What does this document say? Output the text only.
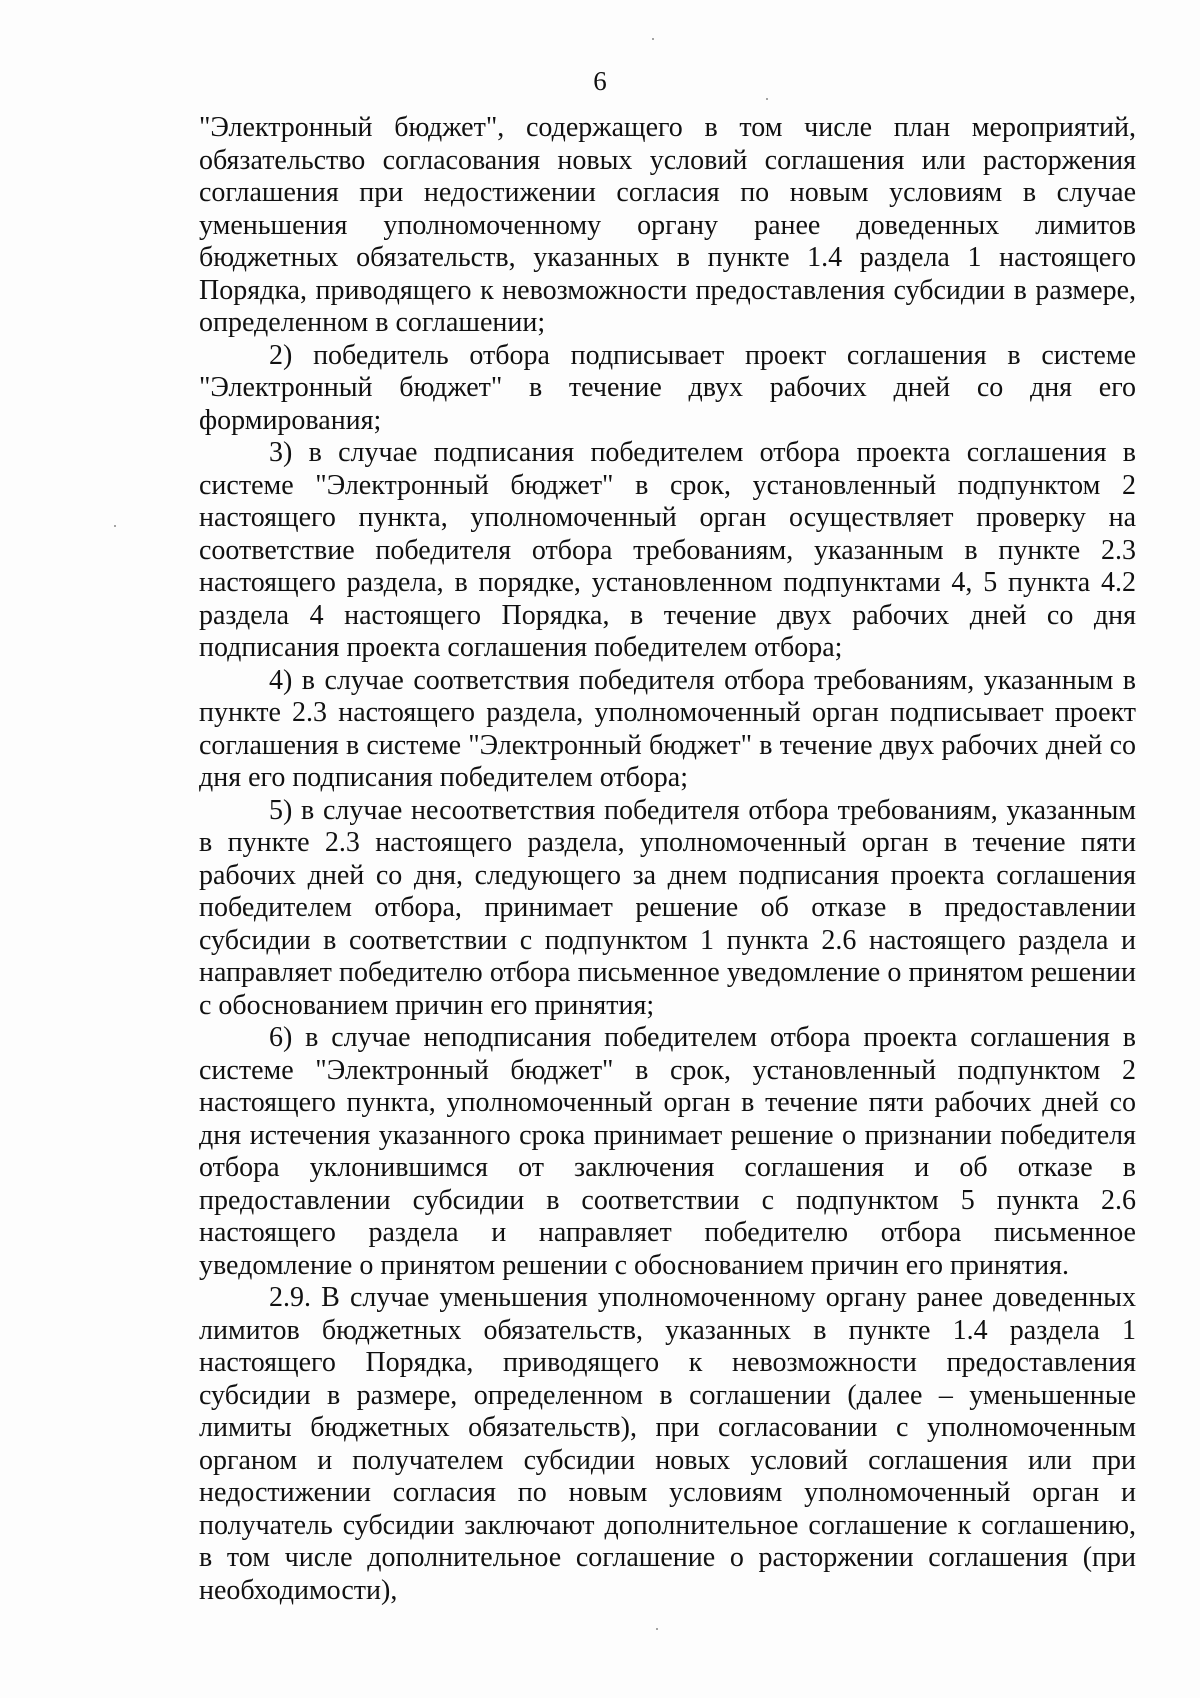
6

"Электронный бюджет", содержащего в том числе план мероприятий, обязательство согласования новых условий соглашения или расторжения соглашения при недостижении согласия по новым условиям в случае уменьшения уполномоченному органу ранее доведенных лимитов бюджетных обязательств, указанных в пункте 1.4 раздела 1 настоящего Порядка, приводящего к невозможности предоставления субсидии в размере, определенном в соглашении;

2) победитель отбора подписывает проект соглашения в системе "Электронный бюджет" в течение двух рабочих дней со дня его формирования;

3) в случае подписания победителем отбора проекта соглашения в системе "Электронный бюджет" в срок, установленный подпунктом 2 настоящего пункта, уполномоченный орган осуществляет проверку на соответствие победителя отбора требованиям, указанным в пункте 2.3 настоящего раздела, в порядке, установленном подпунктами 4, 5 пункта 4.2 раздела 4 настоящего Порядка, в течение двух рабочих дней со дня подписания проекта соглашения победителем отбора;

4) в случае соответствия победителя отбора требованиям, указанным в пункте 2.3 настоящего раздела, уполномоченный орган подписывает проект соглашения в системе "Электронный бюджет" в течение двух рабочих дней со дня его подписания победителем отбора;

5) в случае несоответствия победителя отбора требованиям, указанным в пункте 2.3 настоящего раздела, уполномоченный орган в течение пяти рабочих дней со дня, следующего за днем подписания проекта соглашения победителем отбора, принимает решение об отказе в предоставлении субсидии в соответствии с подпунктом 1 пункта 2.6 настоящего раздела и направляет победителю отбора письменное уведомление о принятом решении с обоснованием причин его принятия;

6) в случае неподписания победителем отбора проекта соглашения в системе "Электронный бюджет" в срок, установленный подпунктом 2 настоящего пункта, уполномоченный орган в течение пяти рабочих дней со дня истечения указанного срока принимает решение о признании победителя отбора уклонившимся от заключения соглашения и об отказе в предоставлении субсидии в соответствии с подпунктом 5 пункта 2.6 настоящего раздела и направляет победителю отбора письменное уведомление о принятом решении с обоснованием причин его принятия.

2.9. В случае уменьшения уполномоченному органу ранее доведенных лимитов бюджетных обязательств, указанных в пункте 1.4 раздела 1 настоящего Порядка, приводящего к невозможности предоставления субсидии в размере, определенном в соглашении (далее – уменьшенные лимиты бюджетных обязательств), при согласовании с уполномоченным органом и получателем субсидии новых условий соглашения или при недостижении согласия по новым условиям уполномоченный орган и получатель субсидии заключают дополнительное соглашение к соглашению, в том числе дополнительное соглашение о расторжении соглашения (при необходимости),
